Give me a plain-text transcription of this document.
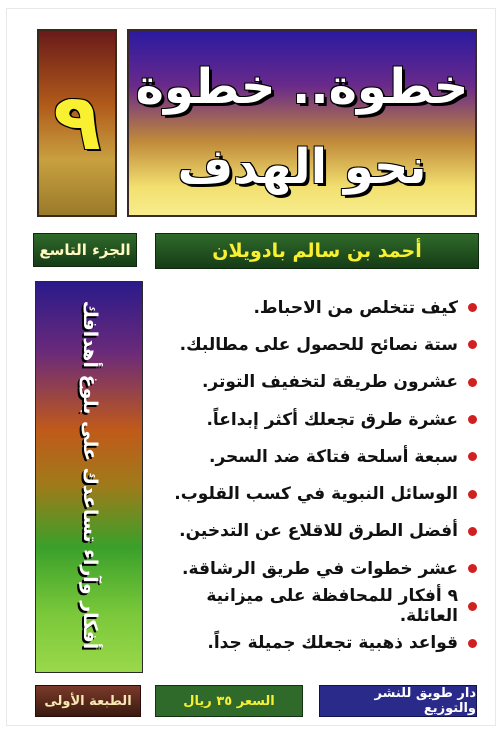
٩ خطوة.. خطوة
نحو الهدف
الجزء التاسع	أحمد بن سالم بادويلان
أفكار وآراء تساعدك على بلوغ أهدافك	كيف تتخلص من الاحباط.
ستة نصائح للحصول على مطالبك.
عشرون طريقة لتخفيف التوتر.
عشرة طرق تجعلك أكثر إبداعاً.
سبعة أسلحة فتاكة ضد السحر.
الوسائل النبوية في كسب القلوب.
أفضل الطرق للاقلاع عن التدخين.
عشر خطوات في طريق الرشاقة.
٩ أفكار للمحافظة على ميزانية العائلة.
قواعد ذهبية تجعلك جميلة جداً.
الطبعة الأولى	السعر ٣٥ ريال	دار طويق للنشر والتوزيع
